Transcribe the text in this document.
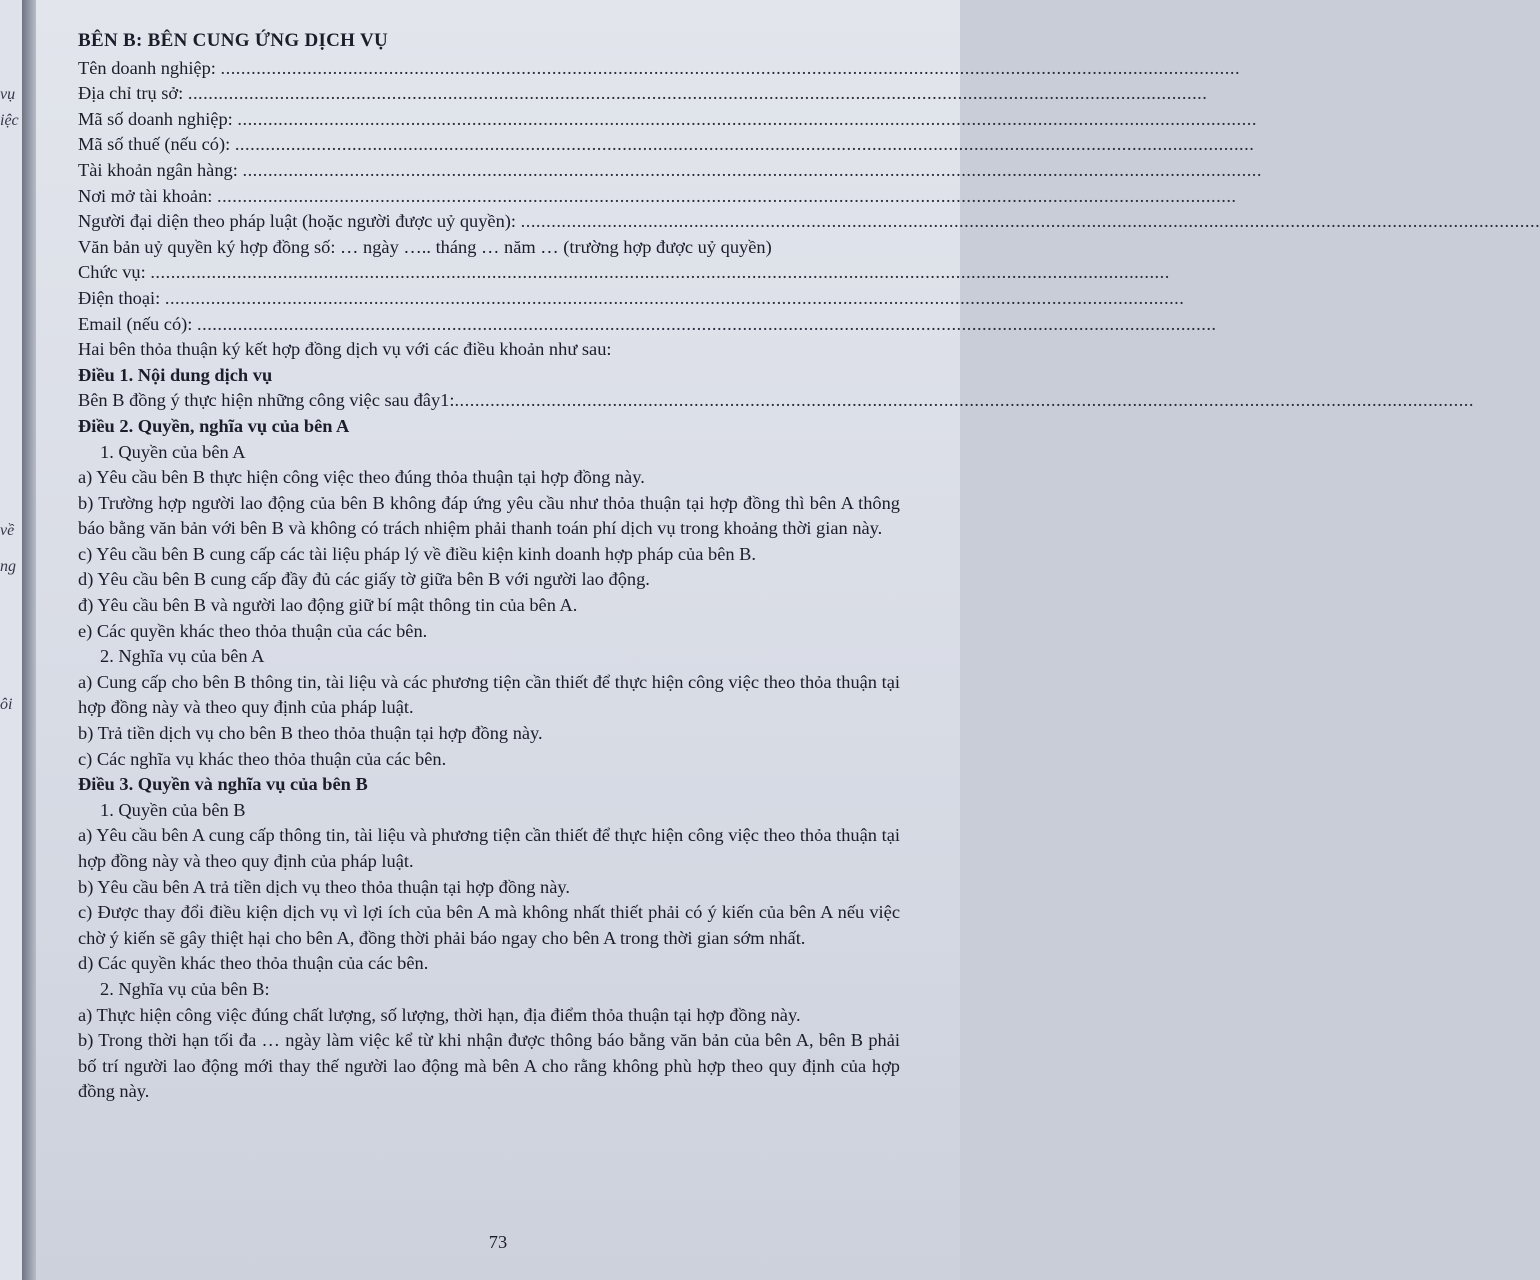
vụ
iệc
về
ng
ôi
BÊN B: BÊN CUNG ỨNG DỊCH VỤ
Tên doanh nghiệp:
........................................................................................................................................................................................................
Địa chỉ trụ sở:
........................................................................................................................................................................................................
Mã số doanh nghiệp:
........................................................................................................................................................................................................
Mã số thuế (nếu có):
........................................................................................................................................................................................................
Tài khoản ngân hàng:
........................................................................................................................................................................................................
Nơi mở tài khoản:
........................................................................................................................................................................................................
Người đại diện theo pháp luật (hoặc người được uỷ quyền):
........................................................................................................................................................................................................
Văn bản uỷ quyền ký hợp đồng số: … ngày ….. tháng … năm … (trường hợp được uỷ quyền)
Chức vụ:
........................................................................................................................................................................................................
Điện thoại:
........................................................................................................................................................................................................
Email (nếu có):
........................................................................................................................................................................................................
Hai bên thỏa thuận ký kết hợp đồng dịch vụ với các điều khoản như sau:
Điều 1. Nội dung dịch vụ
Bên B đồng ý thực hiện những công việc sau đây1: ........................................................................................................................................................................................................
Điều 2. Quyền, nghĩa vụ của bên A
1. Quyền của bên A
a) Yêu cầu bên B thực hiện công việc theo đúng thỏa thuận tại hợp đồng này.
b) Trường hợp người lao động của bên B không đáp ứng yêu cầu như thỏa thuận tại hợp đồng thì bên A thông báo bằng văn bản với bên B và không có trách nhiệm phải thanh toán phí dịch vụ trong khoảng thời gian này.
c) Yêu cầu bên B cung cấp các tài liệu pháp lý về điều kiện kinh doanh hợp pháp của bên B.
d) Yêu cầu bên B cung cấp đầy đủ các giấy tờ giữa bên B với người lao động.
đ) Yêu cầu bên B và người lao động giữ bí mật thông tin của bên A.
e) Các quyền khác theo thỏa thuận của các bên.
2. Nghĩa vụ của bên A
a) Cung cấp cho bên B thông tin, tài liệu và các phương tiện cần thiết để thực hiện công việc theo thỏa thuận tại hợp đồng này và theo quy định của pháp luật.
b) Trả tiền dịch vụ cho bên B theo thỏa thuận tại hợp đồng này.
c) Các nghĩa vụ khác theo thỏa thuận của các bên.
Điều 3. Quyền và nghĩa vụ của bên B
1. Quyền của bên B
a) Yêu cầu bên A cung cấp thông tin, tài liệu và phương tiện cần thiết để thực hiện công việc theo thỏa thuận tại hợp đồng này và theo quy định của pháp luật.
b) Yêu cầu bên A trả tiền dịch vụ theo thỏa thuận tại hợp đồng này.
c) Được thay đổi điều kiện dịch vụ vì lợi ích của bên A mà không nhất thiết phải có ý kiến của bên A nếu việc chờ ý kiến sẽ gây thiệt hại cho bên A, đồng thời phải báo ngay cho bên A trong thời gian sớm nhất.
d) Các quyền khác theo thỏa thuận của các bên.
2. Nghĩa vụ của bên B:
a) Thực hiện công việc đúng chất lượng, số lượng, thời hạn, địa điểm thỏa thuận tại hợp đồng này.
b) Trong thời hạn tối đa … ngày làm việc kể từ khi nhận được thông báo bằng văn bản của bên A, bên B phải bố trí người lao động mới thay thế người lao động mà bên A cho rằng không phù hợp theo quy định của hợp đồng này.
73
